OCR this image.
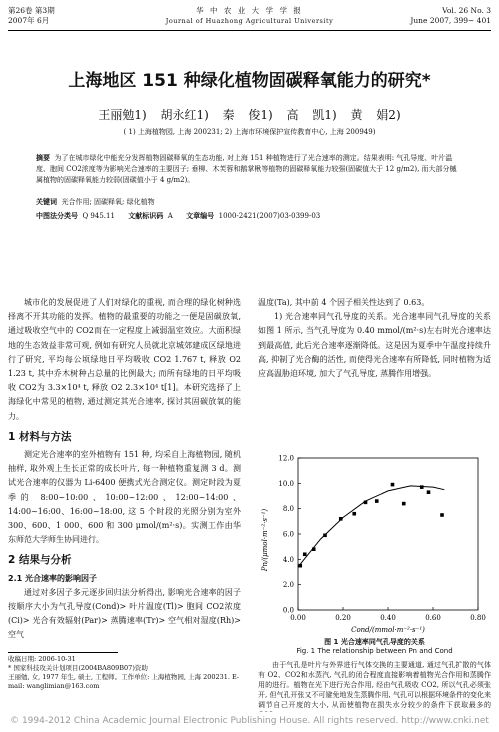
第26卷 第3期
2007年 6月
华 中 农 业 大 学 学 报
Journal of Huazhong Agricultural University
Vol. 26 No. 3
June 2007, 399~ 401
上海地区 151 种绿化植物固碳释氧能力的研究*
王丽勉1) 胡永红1) 秦 俊1) 高 凯1) 黄 娟2)
( 1) 上海植物园, 上海 200231; 2) 上海市环境保护宣传教育中心, 上海 200949)
摘要 为了在城市绿化中能充分发挥植物固碳释氧的生态功能, 对上海 151 种植物进行了光合速率的测定。结果表明: 气孔导度、叶片温度、胞间 CO2浓度等为影响光合速率的主要因子; 垂柳、木芙蓉和鹅掌楸等植物的固碳释氧能力较强(固碳值大于 12 g/m2), 而大部分槭属植物的固碳释氧能力较弱(固碳值小于 4 g/m2)。
关键词 光合作用; 固碳释氧; 绿化植物
中图法分类号 Q 945.11 文献标识码 A 文章编号 1000-2421(2007)03-0399-03

城市化的发展促进了人们对绿化的重视, 而合理的绿化树种选择离不开其功能的发挥。植物的最重要的功能之一便是固碳放氧, 通过吸收空气中的 CO2而在一定程度上减弱温室效应。大面积绿地的生态效益非常可观, 例如有研究人员就北京城郊建成区绿地进行了研究, 平均每公顷绿地日平均吸收 CO2 1.767 t, 释放 O2 1.23 t, 其中乔木树种占总量的比例最大; 而所有绿地的日平均吸收 CO2为 3.3×10⁴ t, 释放 O2 2.3×10⁴ t[1]。本研究选择了上海绿化中常见的植物, 通过测定其光合速率, 探讨其固碳放氧的能力。

1 材料与方法

测定光合速率的室外植物有 151 种, 均采自上海植物园, 随机抽样, 取外观上生长正常的成长叶片, 每一种植物重复测 3 d。测试光合速率的仪器为 Li-6400 便携式光合测定仪。测定时段为夏季的 8:00~10:00、10:00~12:00、12:00~14:00、14:00~16:00、16:00~18:00, 这 5 个时段的光照分别为室外 300、600、1 000、600 和 300 μmol/(m²·s)。实测工作由华东师范大学师生协同进行。

2 结果与分析
2.1 光合速率的影响因子

通过对多因子多元逐步回归法分析得出, 影响光合速率的因子按顺序大小为气孔导度(Cond)> 叶片温度(Tl)> 胞间 CO2浓度(Ci)> 光合有效辐射(Par)> 蒸腾速率(Tr)> 空气相对湿度(Rh)> 空气

温度(Ta), 其中前 4 个因子相关性达到了 0.63。

1) 光合速率同气孔导度的关系。光合速率同气孔导度的关系如图 1 所示, 当气孔导度为 0.40 mmol/(m²·s)左右时光合速率达到最高值, 此后光合速率逐渐降低。这是因为夏季中午温度持续升高, 抑制了光合酶的活性, 而使得光合速率有所降低, 同时植物为适应高温胁迫环境, 加大了气孔导度, 蒸腾作用增强。

0.00	0.20	0.40	0.60	0.80
0.0
2.0
4.0
6.0
8.0
10.0
12.0
Cond/(mmol·m⁻²·s⁻¹)
Pn/(μmol·m⁻²·s⁻¹)
图 1 光合速率同气孔导度的关系
Fig. 1 The relationship between Pn and Cond

由于气孔是叶片与外界进行气体交换的主要通道, 通过气孔扩散的气体有 O2、CO2和水蒸汽, 气孔的闭合程度直接影响着植物光合作用和蒸腾作用的进行。植物在光下进行光合作用, 经由气孔吸收 CO2, 所以气孔必须张开, 但气孔开张又不可避免地发生蒸腾作用, 气孔可以根据环境条件的变化来调节自己开度的大小, 从而使植物在损失水分较少的条件下获取最多的

收稿日期: 2006-10-31
* 国家科技攻关计划项目(2004BA809B07)资助
王丽勉, 女, 1977 年生, 硕士, 工程师。工作单位: 上海植物园, 上海 200231. E-mail: wanglimian@163.com
© 1994-2012 China Academic Journal Electronic Publishing House. All rights reserved. http://www.cnki.net
